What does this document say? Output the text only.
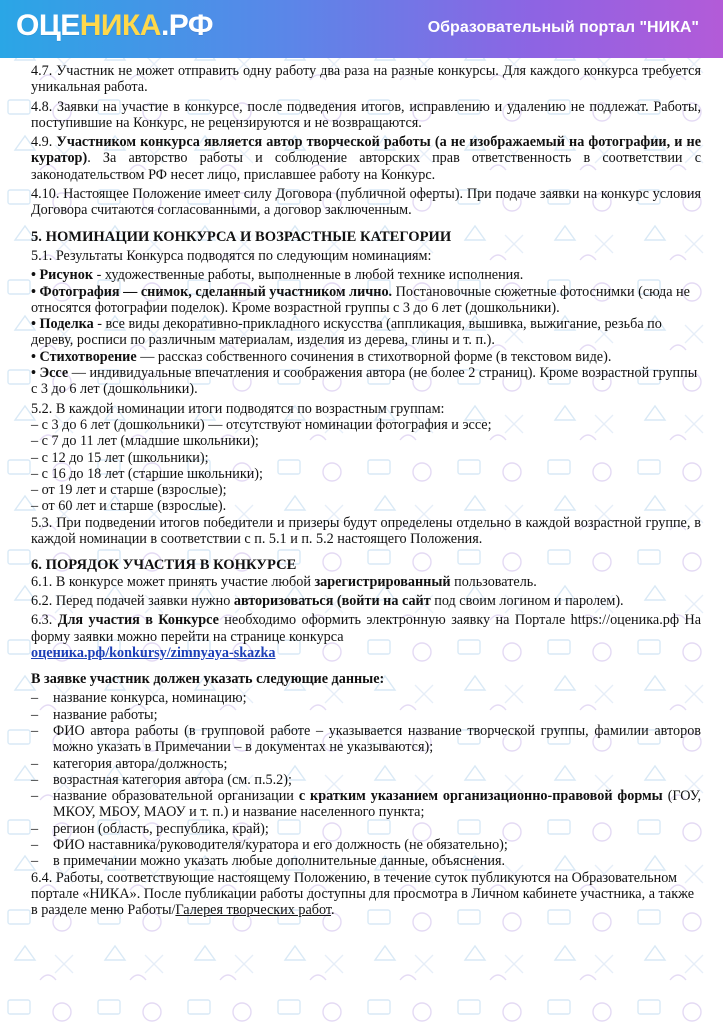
ОЦЕНИКА.РФ	Образовательный портал "НИКА"

4.7. Участник не может отправить одну работу два раза на разные конкурсы. Для каждого конкурса требуется уникальная работа.

4.8. Заявки на участие в конкурсе, после подведения итогов, исправлению и удалению не подлежат. Работы, поступившие на Конкурс, не рецензируются и не возвращаются.

4.9. Участником конкурса является автор творческой работы (а не изображаемый на фотографии, и не куратор). За авторство работы и соблюдение авторских прав ответственность в соответствии с законодательством РФ несет лицо, приславшее работу на Конкурс.

4.10. Настоящее Положение имеет силу Договора (публичной оферты). При подаче заявки на конкурс условия Договора считаются согласованными, а договор заключенным.

5. НОМИНАЦИИ КОНКУРСА И ВОЗРАСТНЫЕ КАТЕГОРИИ

5.1. Результаты Конкурса подводятся по следующим номинациям:

• Рисунок - художественные работы, выполненные в любой технике исполнения.

• Фотография — снимок, сделанный участником лично. Постановочные сюжетные фотоснимки (сюда не относятся фотографии поделок). Кроме возрастной группы с 3 до 6 лет (дошкольники).

• Поделка - все виды декоративно-прикладного искусства (аппликация, вышивка, выжигание, резьба по дереву, росписи по различным материалам, изделия из дерева, глины и т. п.).

• Стихотворение — рассказ собственного сочинения в стихотворной форме (в текстовом виде).

• Эссе — индивидуальные впечатления и соображения автора (не более 2 страниц). Кроме возрастной группы с 3 до 6 лет (дошкольники).

5.2. В каждой номинации итоги подводятся по возрастным группам:

– с 3 до 6 лет (дошкольники) — отсутствуют номинации фотография и эссе;

– с 7 до 11 лет (младшие школьники);

– с 12 до 15 лет (школьники);

– с 16 до 18 лет (старшие школьники);

– от 19 лет и старше (взрослые);

– от 60 лет и старше (взрослые).

5.3. При подведении итогов победители и призеры будут определены отдельно в каждой возрастной группе, в каждой номинации в соответствии с п. 5.1 и п. 5.2 настоящего Положения.

6. ПОРЯДОК УЧАСТИЯ В КОНКУРСЕ

6.1. В конкурсе может принять участие любой зарегистрированный пользователь.

6.2. Перед подачей заявки нужно авторизоваться (войти на сайт под своим логином и паролем).

6.3. Для участия в Конкурсе необходимо оформить электронную заявку на Портале https://оценика.рф На форму заявки можно перейти на странице конкурса

оценика.рф/konkursy/zimnyaya-skazka

В заявке участник должен указать следующие данные:

– название конкурса, номинацию;
– название работы;
– ФИО автора работы (в групповой работе – указывается название творческой группы, фамилии авторов можно указать в Примечании – в документах не указываются);
– категория автора/должность;
– возрастная категория автора (см. п.5.2);
– название образовательной организации с кратким указанием организационно-правовой формы (ГОУ, МКОУ, МБОУ, МАОУ и т. п.) и название населенного пункта;
– регион (область, республика, край);
– ФИО наставника/руководителя/куратора и его должность (не обязательно);
– в примечании можно указать любые дополнительные данные, объяснения.

6.4. Работы, соответствующие настоящему Положению, в течение суток публикуются на Образовательном портале «НИКА». После публикации работы доступны для просмотра в Личном кабинете участника, а также в разделе меню Работы/Галерея творческих работ.
